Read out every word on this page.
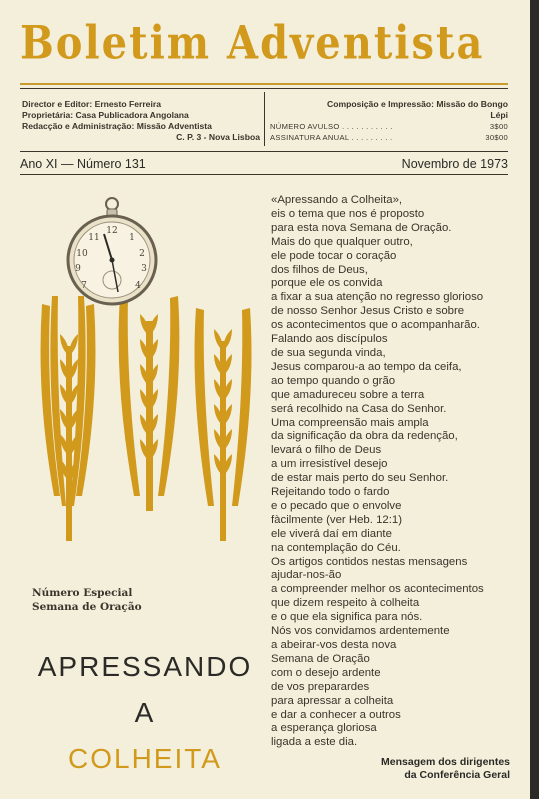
Boletim Adventista
Director e Editor: Ernesto Ferreira
Proprietária: Casa Publicadora Angolana
Redacção e Administração: Missão Adventista
C. P. 3 - Nova Lisboa
Composição e Impressão: Missão do Bongo
Lépi
NÚMERO AVULSO . . . . . . . . . . .	3$00
ASSINATURA ANUAL . . . . . . . . .	30$00
Ano XI — Número 131	Novembro de 1973
12
1
2
3
4
7
9
10
11
Número Especial
Semana de Oração
APRESSANDO
A
COLHEITA
«Apressando a Colheita»,
eis o tema que nos é proposto
para esta nova Semana de Oração.
Mais do que qualquer outro,
ele pode tocar o coração
dos filhos de Deus,
porque ele os convida
a fixar a sua atenção no regresso glorioso
de nosso Senhor Jesus Cristo e sobre
os acontecimentos que o acompanharão.
Falando aos discípulos
de sua segunda vinda,
Jesus comparou-a ao tempo da ceifa,
ao tempo quando o grão
que amadureceu sobre a terra
será recolhido na Casa do Senhor.
Uma compreensão mais ampla
da significação da obra da redenção,
levará o filho de Deus
a um irresistível desejo
de estar mais perto do seu Senhor.
Rejeitando todo o fardo
e o pecado que o envolve
fàcilmente (ver Heb. 12:1)
ele viverá daí em diante
na contemplação do Céu.
Os artigos contidos nestas mensagens
ajudar-nos-ão
a compreender melhor os acontecimentos
que dizem respeito à colheita
e o que ela significa para nós.
Nós vos convidamos ardentemente
a abeirar-vos desta nova
Semana de Oração
com o desejo ardente
de vos preparardes
para apressar a colheita
e dar a conhecer a outros
a esperança gloriosa
ligada a este dia.
Mensagem dos dirigentes
da Conferência Geral
